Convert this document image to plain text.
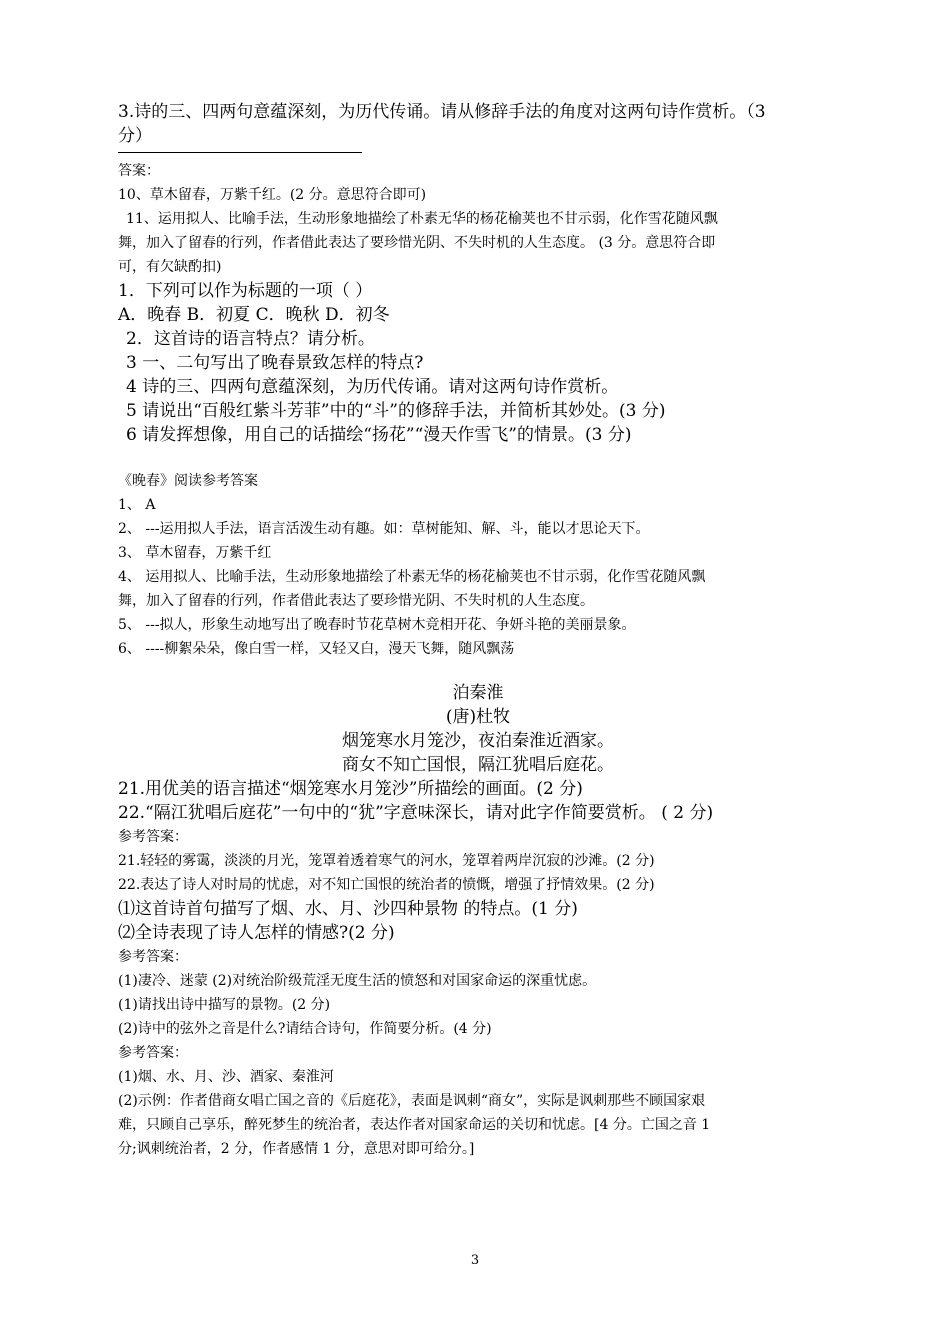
3.诗的三、四两句意蕴深刻，为历代传诵。请从修辞手法的角度对这两句诗作赏析。（3
分）
答案：
10、草木留春，万紫千红。(2 分。意思符合即可)
11、运用拟人、比喻手法，生动形象地描绘了朴素无华的杨花榆荚也不甘示弱，化作雪花随风飘
舞，加入了留春的行列，作者借此表达了要珍惜光阴、不失时机的人生态度。 (3 分。意思符合即
可，有欠缺酌扣)
1．下列可以作为标题的一项（ ）
A．晚春 B．初夏 C．晚秋 D．初冬
2．这首诗的语言特点？请分析。
3 一、二句写出了晚春景致怎样的特点?
4 诗的三、四两句意蕴深刻，为历代传诵。请对这两句诗作赏析。
5 请说出“百般红紫斗芳菲”中的“斗”的修辞手法，并简析其妙处。(3 分)
6 请发挥想像，用自己的话描绘“扬花”“漫天作雪飞”的情景。(3 分)
《晚春》阅读参考答案
1、 A
2、 ---运用拟人手法，语言活泼生动有趣。如：草树能知、解、斗，能以才思论天下。
3、 草木留春，万紫千红
4、 运用拟人、比喻手法，生动形象地描绘了朴素无华的杨花榆荚也不甘示弱，化作雪花随风飘
舞，加入了留春的行列，作者借此表达了要珍惜光阴、不失时机的人生态度。
5、 ---拟人，形象生动地写出了晚春时节花草树木竞相开花、争妍斗艳的美丽景象。
6、 ----柳絮朵朵，像白雪一样，又轻又白，漫天飞舞，随风飘荡
泊秦淮
(唐)杜牧
烟笼寒水月笼沙，夜泊秦淮近酒家。
商女不知亡国恨，隔江犹唱后庭花。
21.用优美的语言描述“烟笼寒水月笼沙”所描绘的画面。(2 分)
22.“隔江犹唱后庭花”一句中的“犹”字意味深长，请对此字作简要赏析。 ( 2 分)
参考答案：
21.轻轻的雾霭，淡淡的月光，笼罩着透着寒气的河水，笼罩着两岸沉寂的沙滩。(2 分)
22.表达了诗人对时局的忧虑，对不知亡国恨的统治者的愤慨，增强了抒情效果。(2 分)
⑴这首诗首句描写了烟、水、月、沙四种景物 的特点。(1 分)
⑵全诗表现了诗人怎样的情感?(2 分)
参考答案：
(1)凄冷、迷蒙 (2)对统治阶级荒淫无度生活的愤怒和对国家命运的深重忧虑。
(1)请找出诗中描写的景物。(2 分)
(2)诗中的弦外之音是什么?请结合诗句，作简要分析。(4 分)
参考答案：
(1)烟、水、月、沙、酒家、秦淮河
(2)示例：作者借商女唱亡国之音的《后庭花》，表面是讽刺“商女”，实际是讽刺那些不顾国家艰
难，只顾自己享乐，醉死梦生的统治者，表达作者对国家命运的关切和忧虑。[4 分。亡国之音 1
分;讽刺统治者，2 分，作者感情 1 分，意思对即可给分。]
3
